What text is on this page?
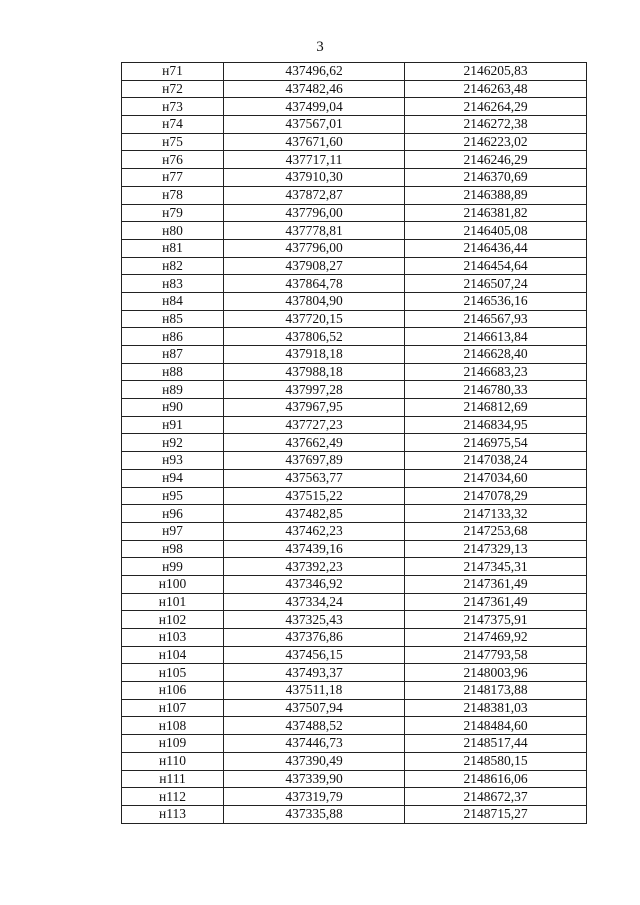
3
н71	437496,62	2146205,83
н72	437482,46	2146263,48
н73	437499,04	2146264,29
н74	437567,01	2146272,38
н75	437671,60	2146223,02
н76	437717,11	2146246,29
н77	437910,30	2146370,69
н78	437872,87	2146388,89
н79	437796,00	2146381,82
н80	437778,81	2146405,08
н81	437796,00	2146436,44
н82	437908,27	2146454,64
н83	437864,78	2146507,24
н84	437804,90	2146536,16
н85	437720,15	2146567,93
н86	437806,52	2146613,84
н87	437918,18	2146628,40
н88	437988,18	2146683,23
н89	437997,28	2146780,33
н90	437967,95	2146812,69
н91	437727,23	2146834,95
н92	437662,49	2146975,54
н93	437697,89	2147038,24
н94	437563,77	2147034,60
н95	437515,22	2147078,29
н96	437482,85	2147133,32
н97	437462,23	2147253,68
н98	437439,16	2147329,13
н99	437392,23	2147345,31
н100	437346,92	2147361,49
н101	437334,24	2147361,49
н102	437325,43	2147375,91
н103	437376,86	2147469,92
н104	437456,15	2147793,58
н105	437493,37	2148003,96
н106	437511,18	2148173,88
н107	437507,94	2148381,03
н108	437488,52	2148484,60
н109	437446,73	2148517,44
н110	437390,49	2148580,15
н111	437339,90	2148616,06
н112	437319,79	2148672,37
н113	437335,88	2148715,27
